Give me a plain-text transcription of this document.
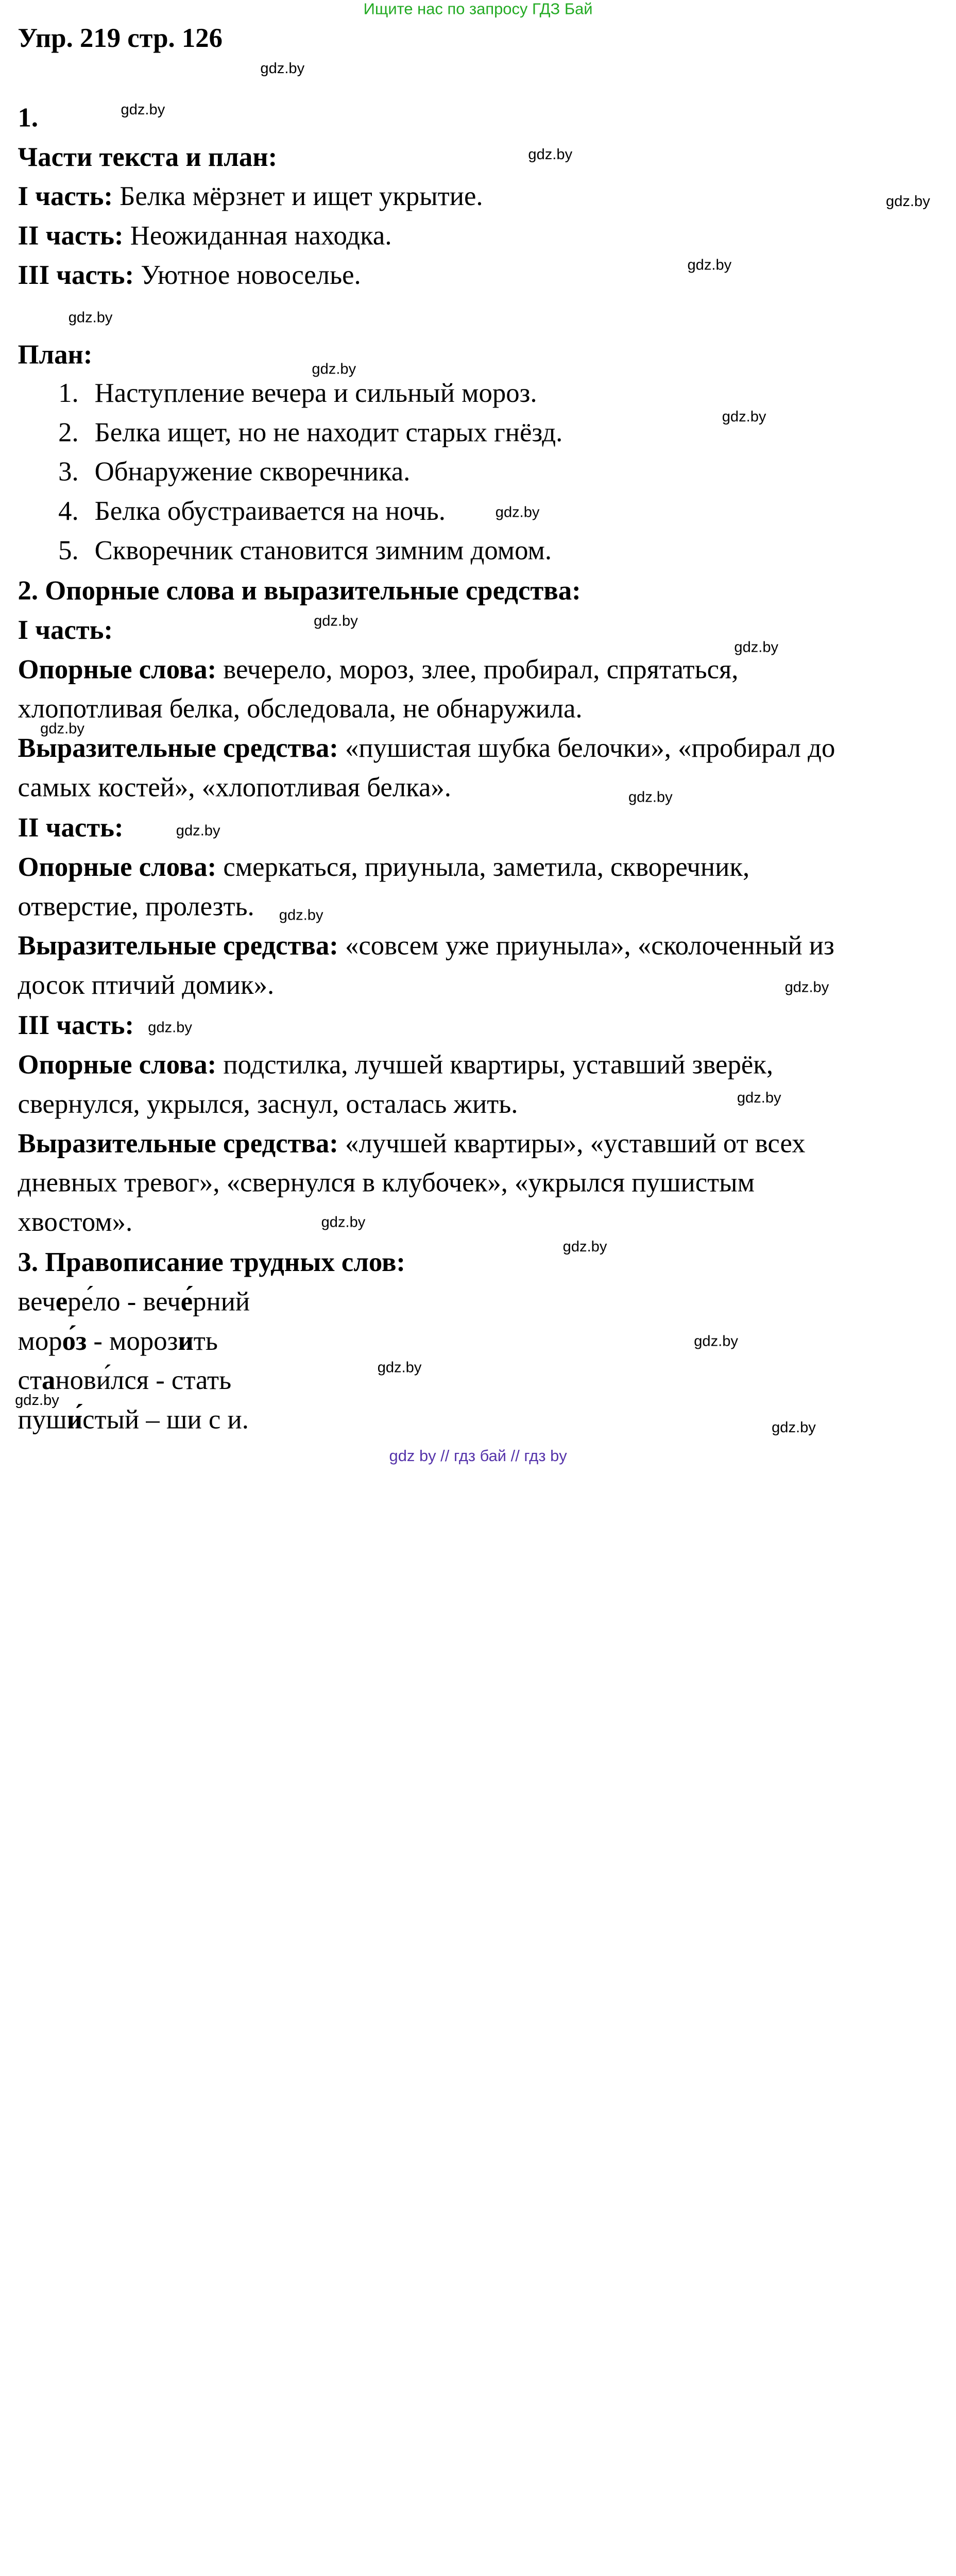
Ищите нас по запросу ГДЗ Бай
Упр. 219 стр. 126
1.
Части текста и план:
I часть: Белка мёрзнет и ищет укрытие.
II часть: Неожиданная находка.
III часть: Уютное новоселье.
План:
1. Наступление вечера и сильный мороз.
2. Белка ищет, но не находит старых гнёзд.
3. Обнаружение скворечника.
4. Белка обустраивается на ночь.
5. Скворечник становится зимним домом.
2. Опорные слова и выразительные средства:
I часть:
Опорные слова: вечерело, мороз, злее, пробирал, спрятаться,
хлопотливая белка, обследовала, не обнаружила.
Выразительные средства: «пушистая шубка белочки», «пробирал до
самых костей», «хлопотливая белка».
II часть:
Опорные слова: смеркаться, приуныла, заметила, скворечник,
отверстие, пролезть.
Выразительные средства: «совсем уже приуныла», «сколоченный из
досок птичий домик».
III часть:
Опорные слова: подстилка, лучшей квартиры, уставший зверёк,
свернулся, укрылся, заснул, осталась жить.
Выразительные средства: «лучшей квартиры», «уставший от всех
дневных тревог», «свернулся в клубочек», «укрылся пушистым
хвостом».
3. Правописание трудных слов:
вечере́ло - вече́рний
моро́з - морозить
станови́лся - стать
пуши́стый – ши с и.
gdz.by
gdz.by
gdz.by
gdz.by
gdz.by
gdz.by
gdz.by
gdz.by
gdz.by
gdz.by
gdz.by
gdz.by
gdz.by
gdz.by
gdz.by
gdz.by
gdz.by
gdz.by
gdz.by
gdz.by
gdz.by
gdz.by
gdz.by
gdz.by
gdz by // гдз бай // гдз by
